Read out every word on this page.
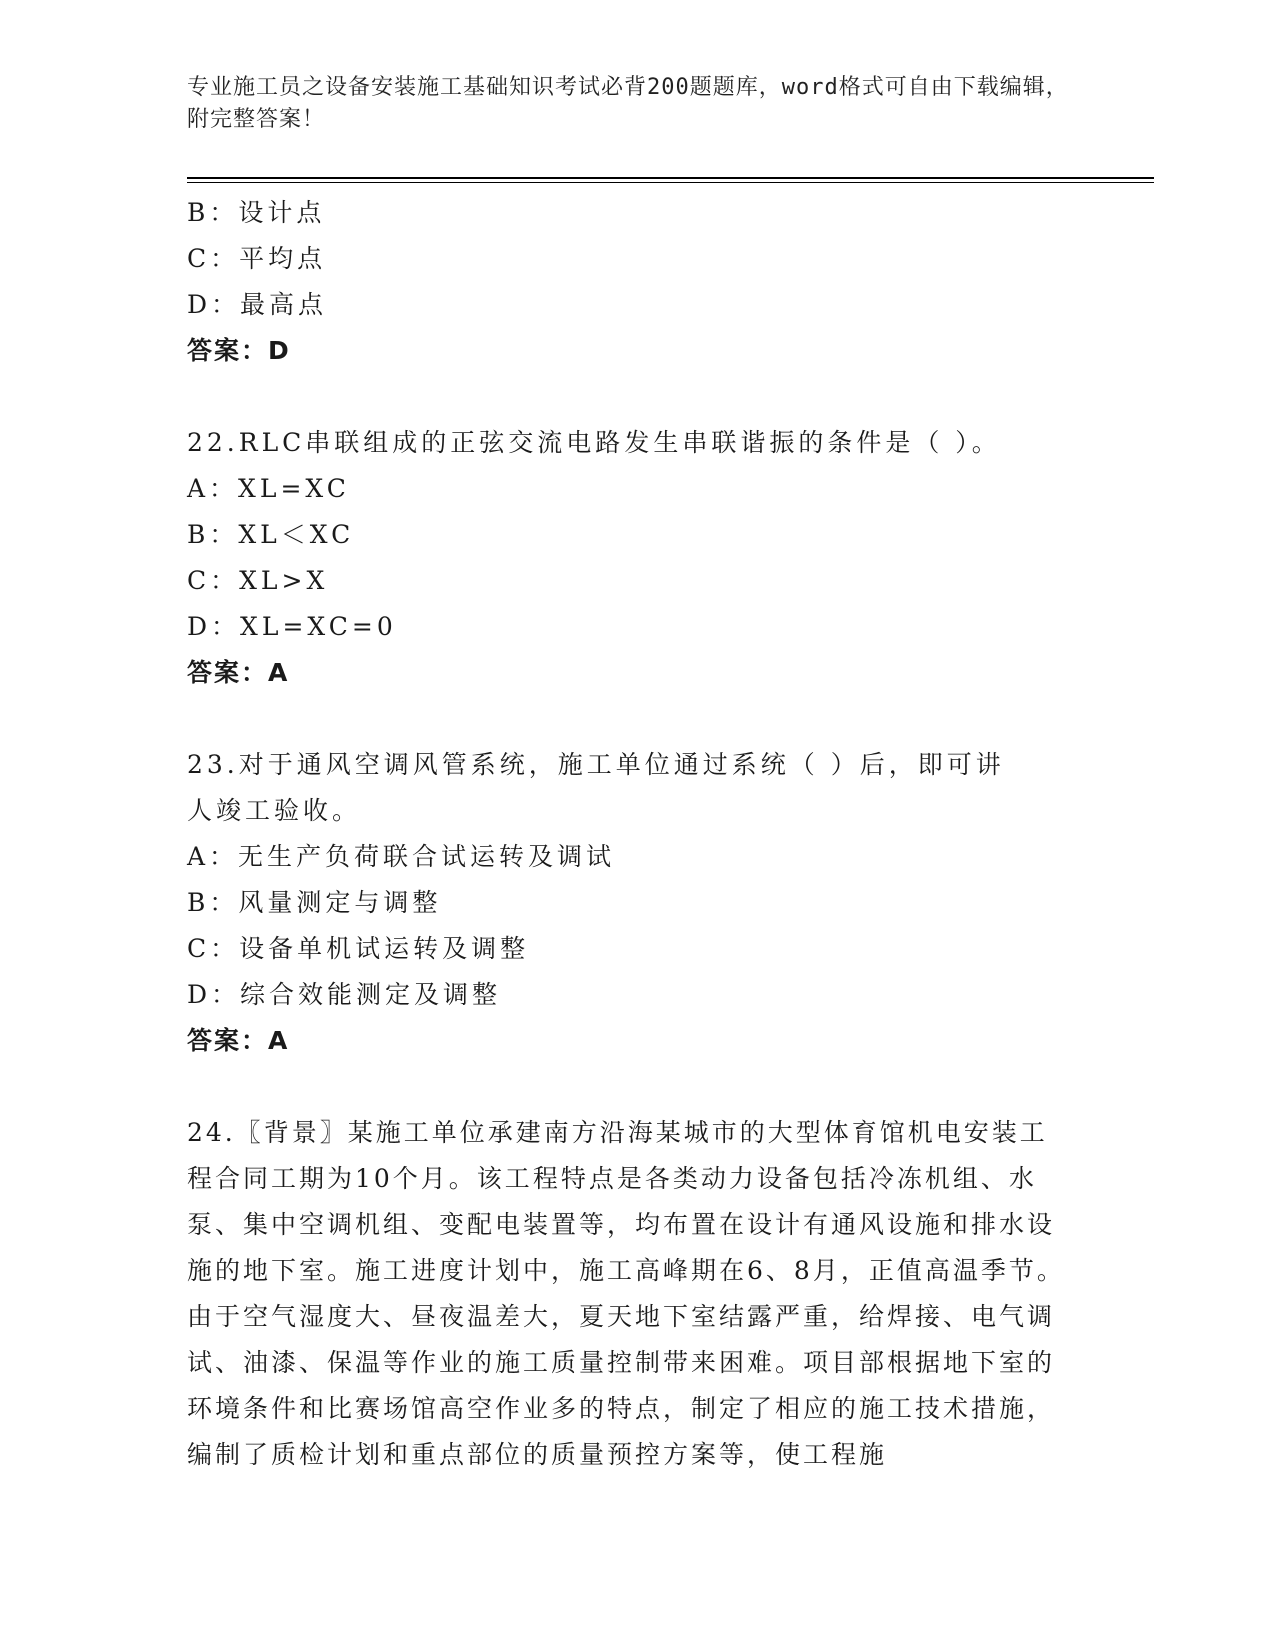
专业施工员之设备安装施工基础知识考试必背200题题库，word格式可自由下载编辑，附完整答案！
B：设计点
C：平均点
D：最高点
答案：D
22.RLC串联组成的正弦交流电路发生串联谐振的条件是（ ）。
A：XL=XC
B：XL＜XC
C：XL>X
D：XL=XC=0
答案：A
23.对于通风空调风管系统，施工单位通过系统（ ）后，即可讲人竣工验收。
A：无生产负荷联合试运转及调试
B：风量测定与调整
C：设备单机试运转及调整
D：综合效能测定及调整
答案：A
24.〖背景〗某施工单位承建南方沿海某城市的大型体育馆机电安装工程合同工期为10个月。该工程特点是各类动力设备包括冷冻机组、水泵、集中空调机组、变配电装置等，均布置在设计有通风设施和排水设施的地下室。施工进度计划中，施工高峰期在6、8月，正值高温季节。由于空气湿度大、昼夜温差大，夏天地下室结露严重，给焊接、电气调试、油漆、保温等作业的施工质量控制带来困难。项目部根据地下室的环境条件和比赛场馆高空作业多的特点，制定了相应的施工技术措施，编制了质检计划和重点部位的质量预控方案等，使工程施
